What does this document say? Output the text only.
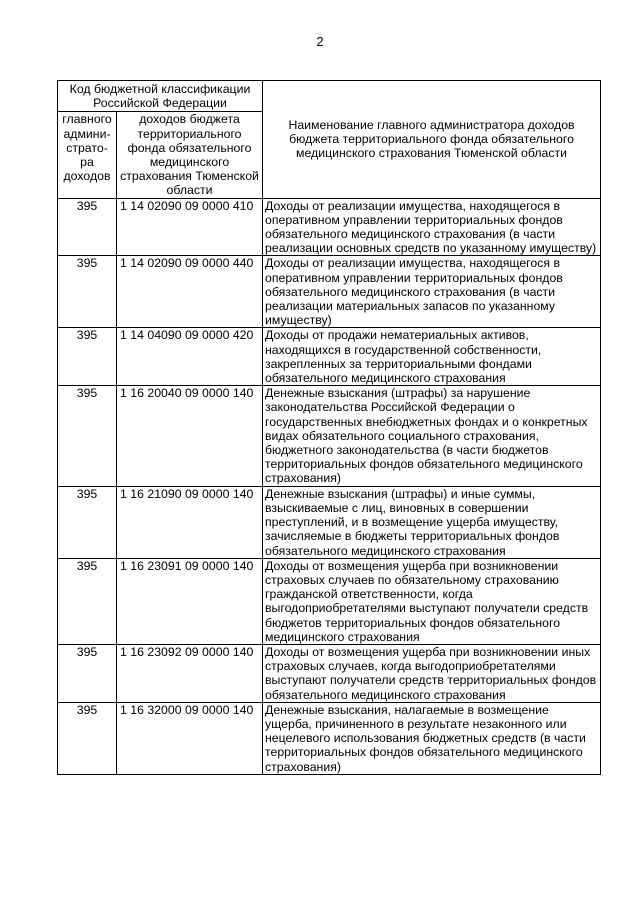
2
Код бюджетной классификации Российской Федерации		Наименование главного администратора доходов бюджета территориального фонда обязательного медицинского страхования Тюменской области
главного админи-страто-ра доходов	доходов бюджета территориального фонда обязательного медицинского страхования Тюменской области	
395	1 14 02090 09 0000 410	Доходы от реализации имущества, находящегося в оперативном управлении территориальных фондов обязательного медицинского страхования (в части реализации основных средств по указанному имуществу)
395	1 14 02090 09 0000 440	Доходы от реализации имущества, находящегося в оперативном управлении территориальных фондов обязательного медицинского страхования (в части реализации материальных запасов по указанному имуществу)
395	1 14 04090 09 0000 420	Доходы от продажи нематериальных активов, находящихся в государственной собственности, закрепленных за территориальными фондами обязательного медицинского страхования
395	1 16 20040 09 0000 140	Денежные взыскания (штрафы) за нарушение законодательства Российской Федерации о государственных внебюджетных фондах и о конкретных видах обязательного социального страхования, бюджетного законодательства (в части бюджетов территориальных фондов обязательного медицинского страхования)
395	1 16 21090 09 0000 140	Денежные взыскания (штрафы) и иные суммы, взыскиваемые с лиц, виновных в совершении преступлений, и в возмещение ущерба имуществу, зачисляемые в бюджеты территориальных фондов обязательного медицинского страхования
395	1 16 23091 09 0000 140	Доходы от возмещения ущерба при возникновении страховых случаев по обязательному страхованию гражданской ответственности, когда выгодоприобретателями выступают получатели средств бюджетов территориальных фондов обязательного медицинского страхования
395	1 16 23092 09 0000 140	Доходы от возмещения ущерба при возникновении иных страховых случаев, когда выгодоприобретателями выступают получатели средств территориальных фондов обязательного медицинского страхования
395	1 16 32000 09 0000 140	Денежные взыскания, налагаемые в возмещение ущерба, причиненного в результате незаконного или нецелевого использования бюджетных средств (в части территориальных фондов обязательного медицинского страхования)
